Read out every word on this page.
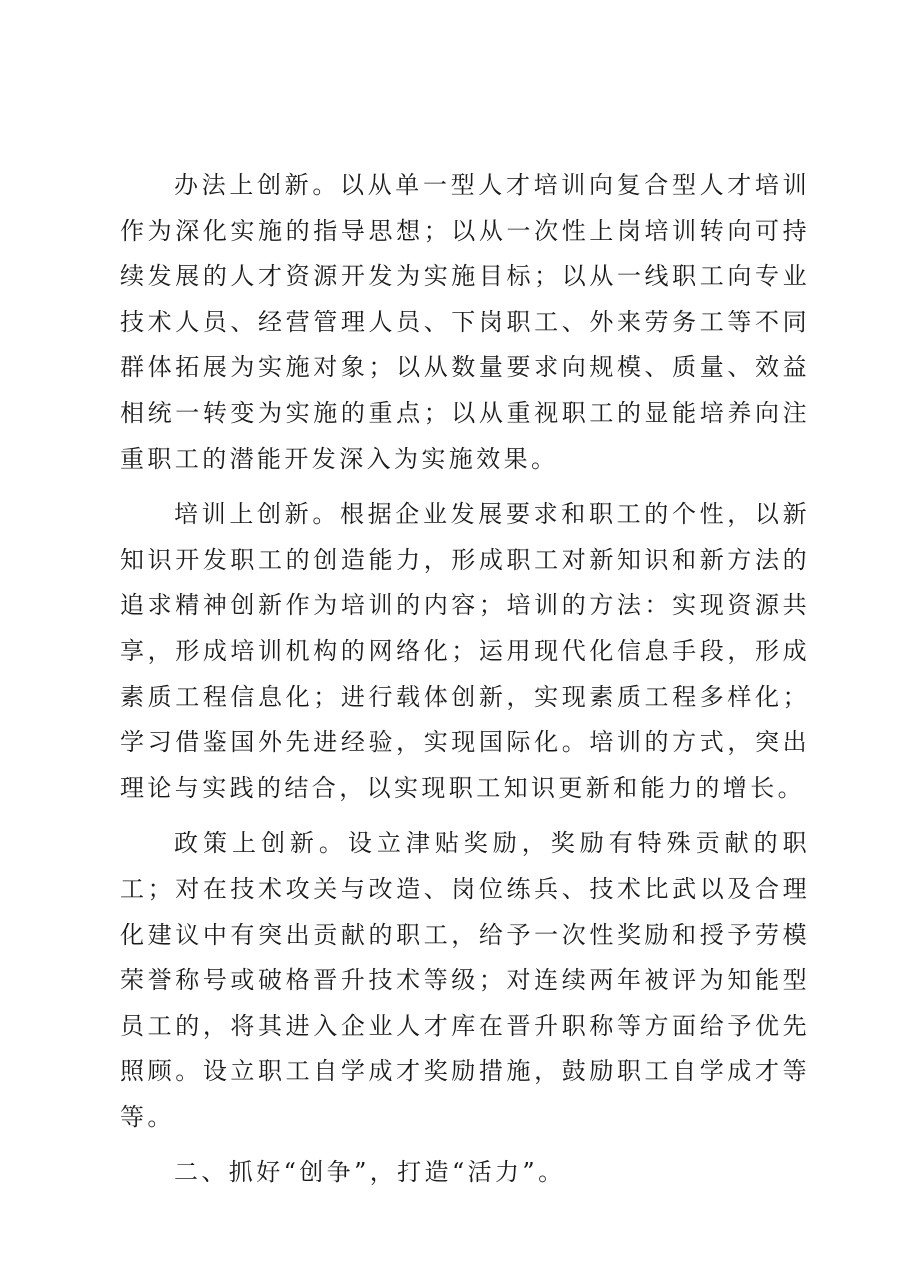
办法上创新。以从单一型人才培训向复合型人才培训作为深化实施的指导思想；以从一次性上岗培训转向可持续发展的人才资源开发为实施目标；以从一线职工向专业技术人员、经营管理人员、下岗职工、外来劳务工等不同群体拓展为实施对象；以从数量要求向规模、质量、效益相统一转变为实施的重点；以从重视职工的显能培养向注重职工的潜能开发深入为实施效果。

培训上创新。根据企业发展要求和职工的个性，以新知识开发职工的创造能力，形成职工对新知识和新方法的追求精神创新作为培训的内容；培训的方法：实现资源共享，形成培训机构的网络化；运用现代化信息手段，形成素质工程信息化；进行载体创新，实现素质工程多样化；学习借鉴国外先进经验，实现国际化。培训的方式，突出理论与实践的结合，以实现职工知识更新和能力的增长。

政策上创新。设立津贴奖励，奖励有特殊贡献的职工；对在技术攻关与改造、岗位练兵、技术比武以及合理化建议中有突出贡献的职工，给予一次性奖励和授予劳模荣誉称号或破格晋升技术等级；对连续两年被评为知能型员工的，将其进入企业人才库在晋升职称等方面给予优先照顾。设立职工自学成才奖励措施，鼓励职工自学成才等等。

二、抓好“创争”，打造“活力”。
